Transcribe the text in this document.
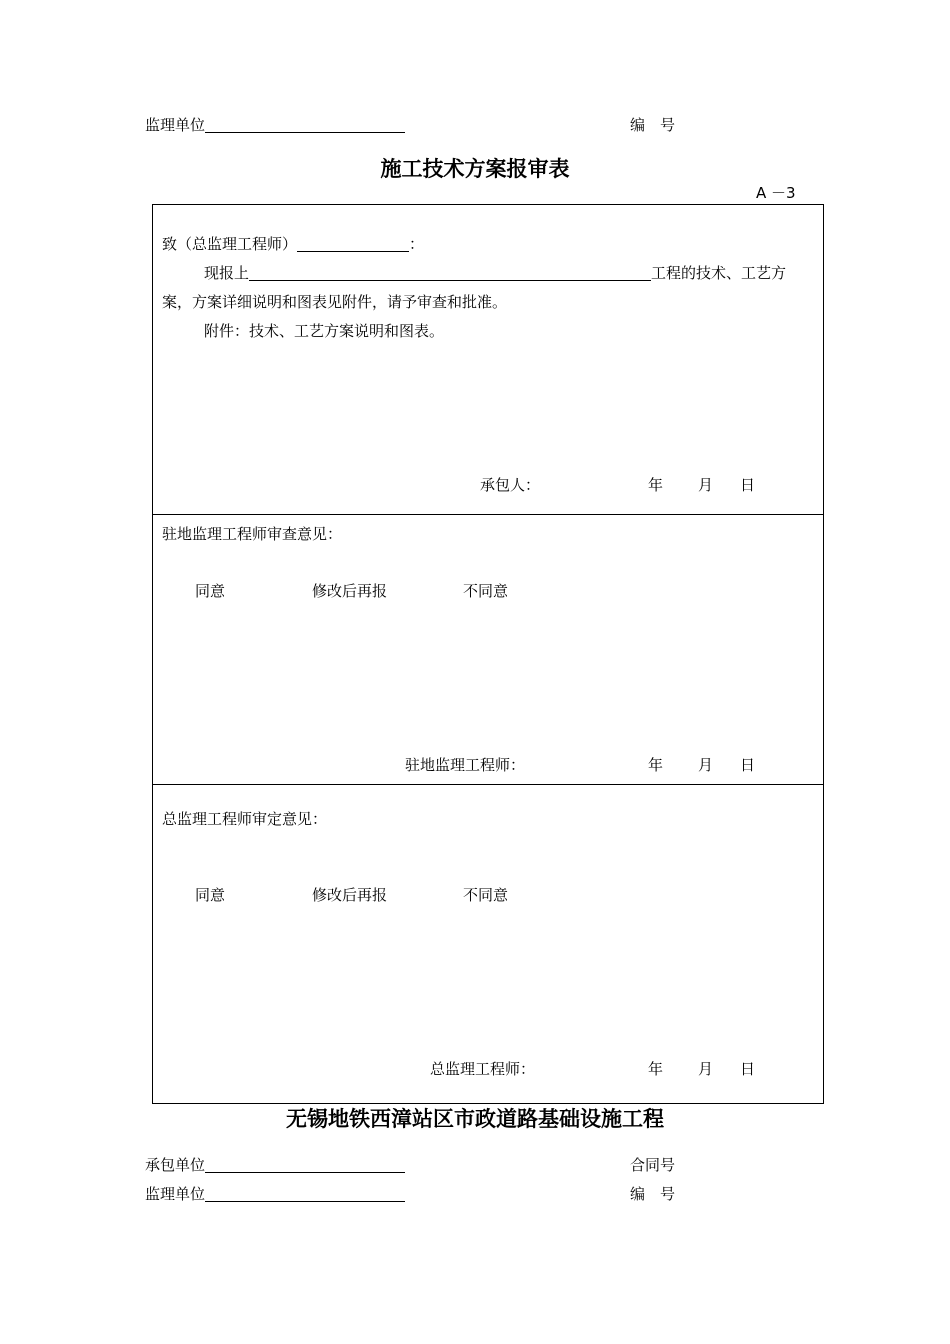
监理单位	编　号
施工技术方案报审表
A －3
致（总监理工程师）	：
现报上	工程的技术、工艺方
案，方案详细说明和图表见附件，请予审查和批准。
附件：技术、工艺方案说明和图表。
承包人：	年 月 日
驻地监理工程师审查意见：
同意	修改后再报	不同意
驻地监理工程师：	年 月 日
总监理工程师审定意见：
同意	修改后再报	不同意
总监理工程师：	年 月 日
无锡地铁西漳站区市政道路基础设施工程
承包单位	合同号
监理单位	编　号
